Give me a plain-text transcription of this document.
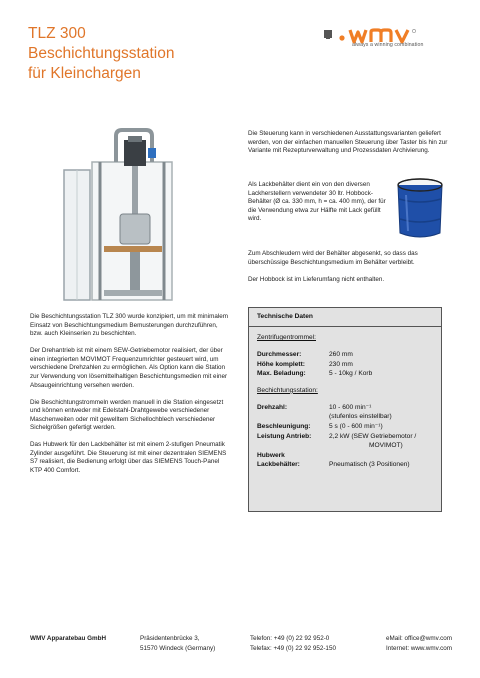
TLZ 300
Beschichtungsstation
für Kleinchargen
always a winning combination

Die Beschichtungsstation TLZ 300 wurde konzipiert, um mit minimalem Einsatz von Beschichtungsmedium Bemusterungen durchzuführen, bzw. auch Kleinserien zu beschichten.

Der Drehantrieb ist mit einem SEW-Getriebemotor realisiert, der über einen integrierten MOVIMOT Frequenzumrichter gesteuert wird, um verschiedene Drehzahlen zu ermöglichen. Als Option kann die Station zur Verwendung von lösemittelhaltigen Beschichtungsmedien mit einer Absaugeinrichtung versehen werden.

Die Beschichtungstrommeln werden manuell in die Station eingesetzt und können entweder mit Edelstahl-Drahtgewebe verschiedener Maschenweiten oder mit gewelltem Sichellochblech verschiedener Sichelgrößen gefertigt werden.

Das Hubwerk für den Lackbehälter ist mit einem 2-stufigen Pneumatik Zylinder ausgeführt. Die Steuerung ist mit einer dezentralen SIEMENS S7 realisiert, die Bedienung erfolgt über das SIEMENS Touch-Panel KTP 400 Comfort.

Die Steuerung kann in verschiedenen Ausstattungsvarianten geliefert werden, von der einfachen manuellen Steuerung über Taster bis hin zur Variante mit Rezepturverwaltung und Prozessdaten Archivierung.

Als Lackbehälter dient ein von den diversen Lackherstellern verwendeter 30 ltr. Hobbock-Behälter (Ø ca. 330 mm, h = ca. 400 mm), der für die Verwendung etwa zur Hälfte mit Lack gefüllt wird.

Zum Abschleudern wird der Behälter abgesenkt, so dass das überschüssige Beschichtungsmedium im Behälter verbleibt.

Der Hobbock ist im Lieferumfang nicht enthalten.

Technische Daten
Zentrifugentrommel:
Durchmesser:	260 mm
Höhe komplett:	230 mm
Max. Beladung:	5 - 10kg / Korb
Bechichtungsstation:
Drehzahl:	10 - 600 min⁻¹
(stufenlos einstellbar)
Beschleunigung:	5 s (0 - 600 min⁻¹)
Leistung Antrieb:	2,2 kW (SEW Getriebemotor /
MOVIMOT)
Hubwerk
Lackbehälter:	Pneumatisch (3 Positionen)
WMV Apparatebau GmbH	Präsidentenbrücke 3,
51570 Windeck (Germany)
Telefon: +49 (0) 22 92 952-0
Telefax: +49 (0) 22 92 952-150
eMail: office@wmv.com
Internet: www.wmv.com
